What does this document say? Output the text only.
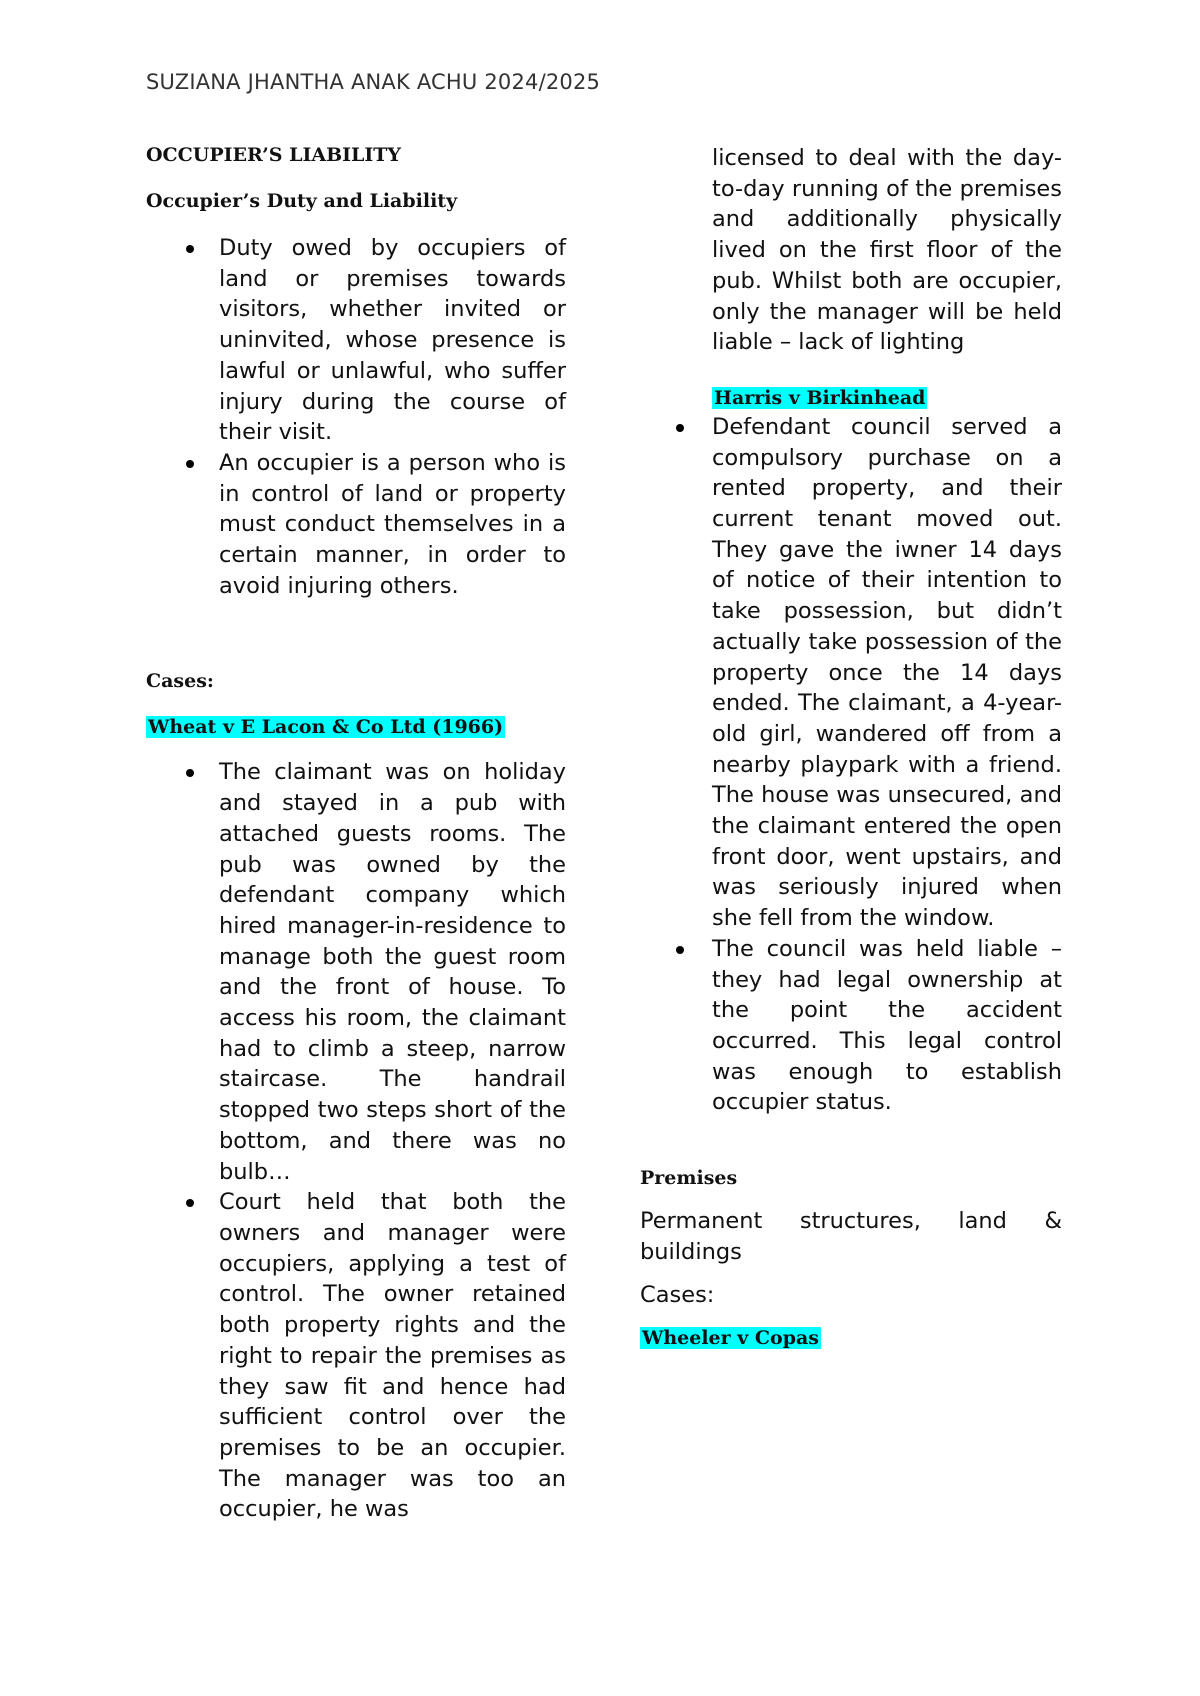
SUZIANA JHANTHA ANAK ACHU 2024/2025

OCCUPIER’S LIABILITY

Occupier’s Duty and Liability

Duty owed by occupiers of land or premises towards visitors, whether invited or uninvited, whose presence is lawful or unlawful, who suffer injury during the course of their visit.
An occupier is a person who is in control of land or property must conduct themselves in a certain manner, in order to avoid injuring others.

Cases:

Wheat v E Lacon & Co Ltd (1966)

The claimant was on holiday and stayed in a pub with attached guests rooms. The pub was owned by the defendant company which hired manager-in-residence to manage both the guest room and the front of house. To access his room, the claimant had to climb a steep, narrow staircase. The handrail stopped two steps short of the bottom, and there was no bulb…
Court held that both the owners and manager were occupiers, applying a test of control. The owner retained both property rights and the right to repair the premises as they saw fit and hence had sufficient control over the premises to be an occupier. The manager was too an occupier, he was

licensed to deal with the day-to-day running of the premises and additionally physically lived on the first floor of the pub. Whilst both are occupier, only the manager will be held liable – lack of lighting

Harris v Birkinhead

Defendant council served a compulsory purchase on a rented property, and their current tenant moved out. They gave the iwner 14 days of notice of their intention to take possession, but didn’t actually take possession of the property once the 14 days ended. The claimant, a 4-year-old girl, wandered off from a nearby playpark with a friend. The house was unsecured, and the claimant entered the open front door, went upstairs, and was seriously injured when she fell from the window.
The council was held liable – they had legal ownership at the point the accident occurred. This legal control was enough to establish occupier status.

Premises

Permanent structures, land & buildings

Cases:

Wheeler v Copas
